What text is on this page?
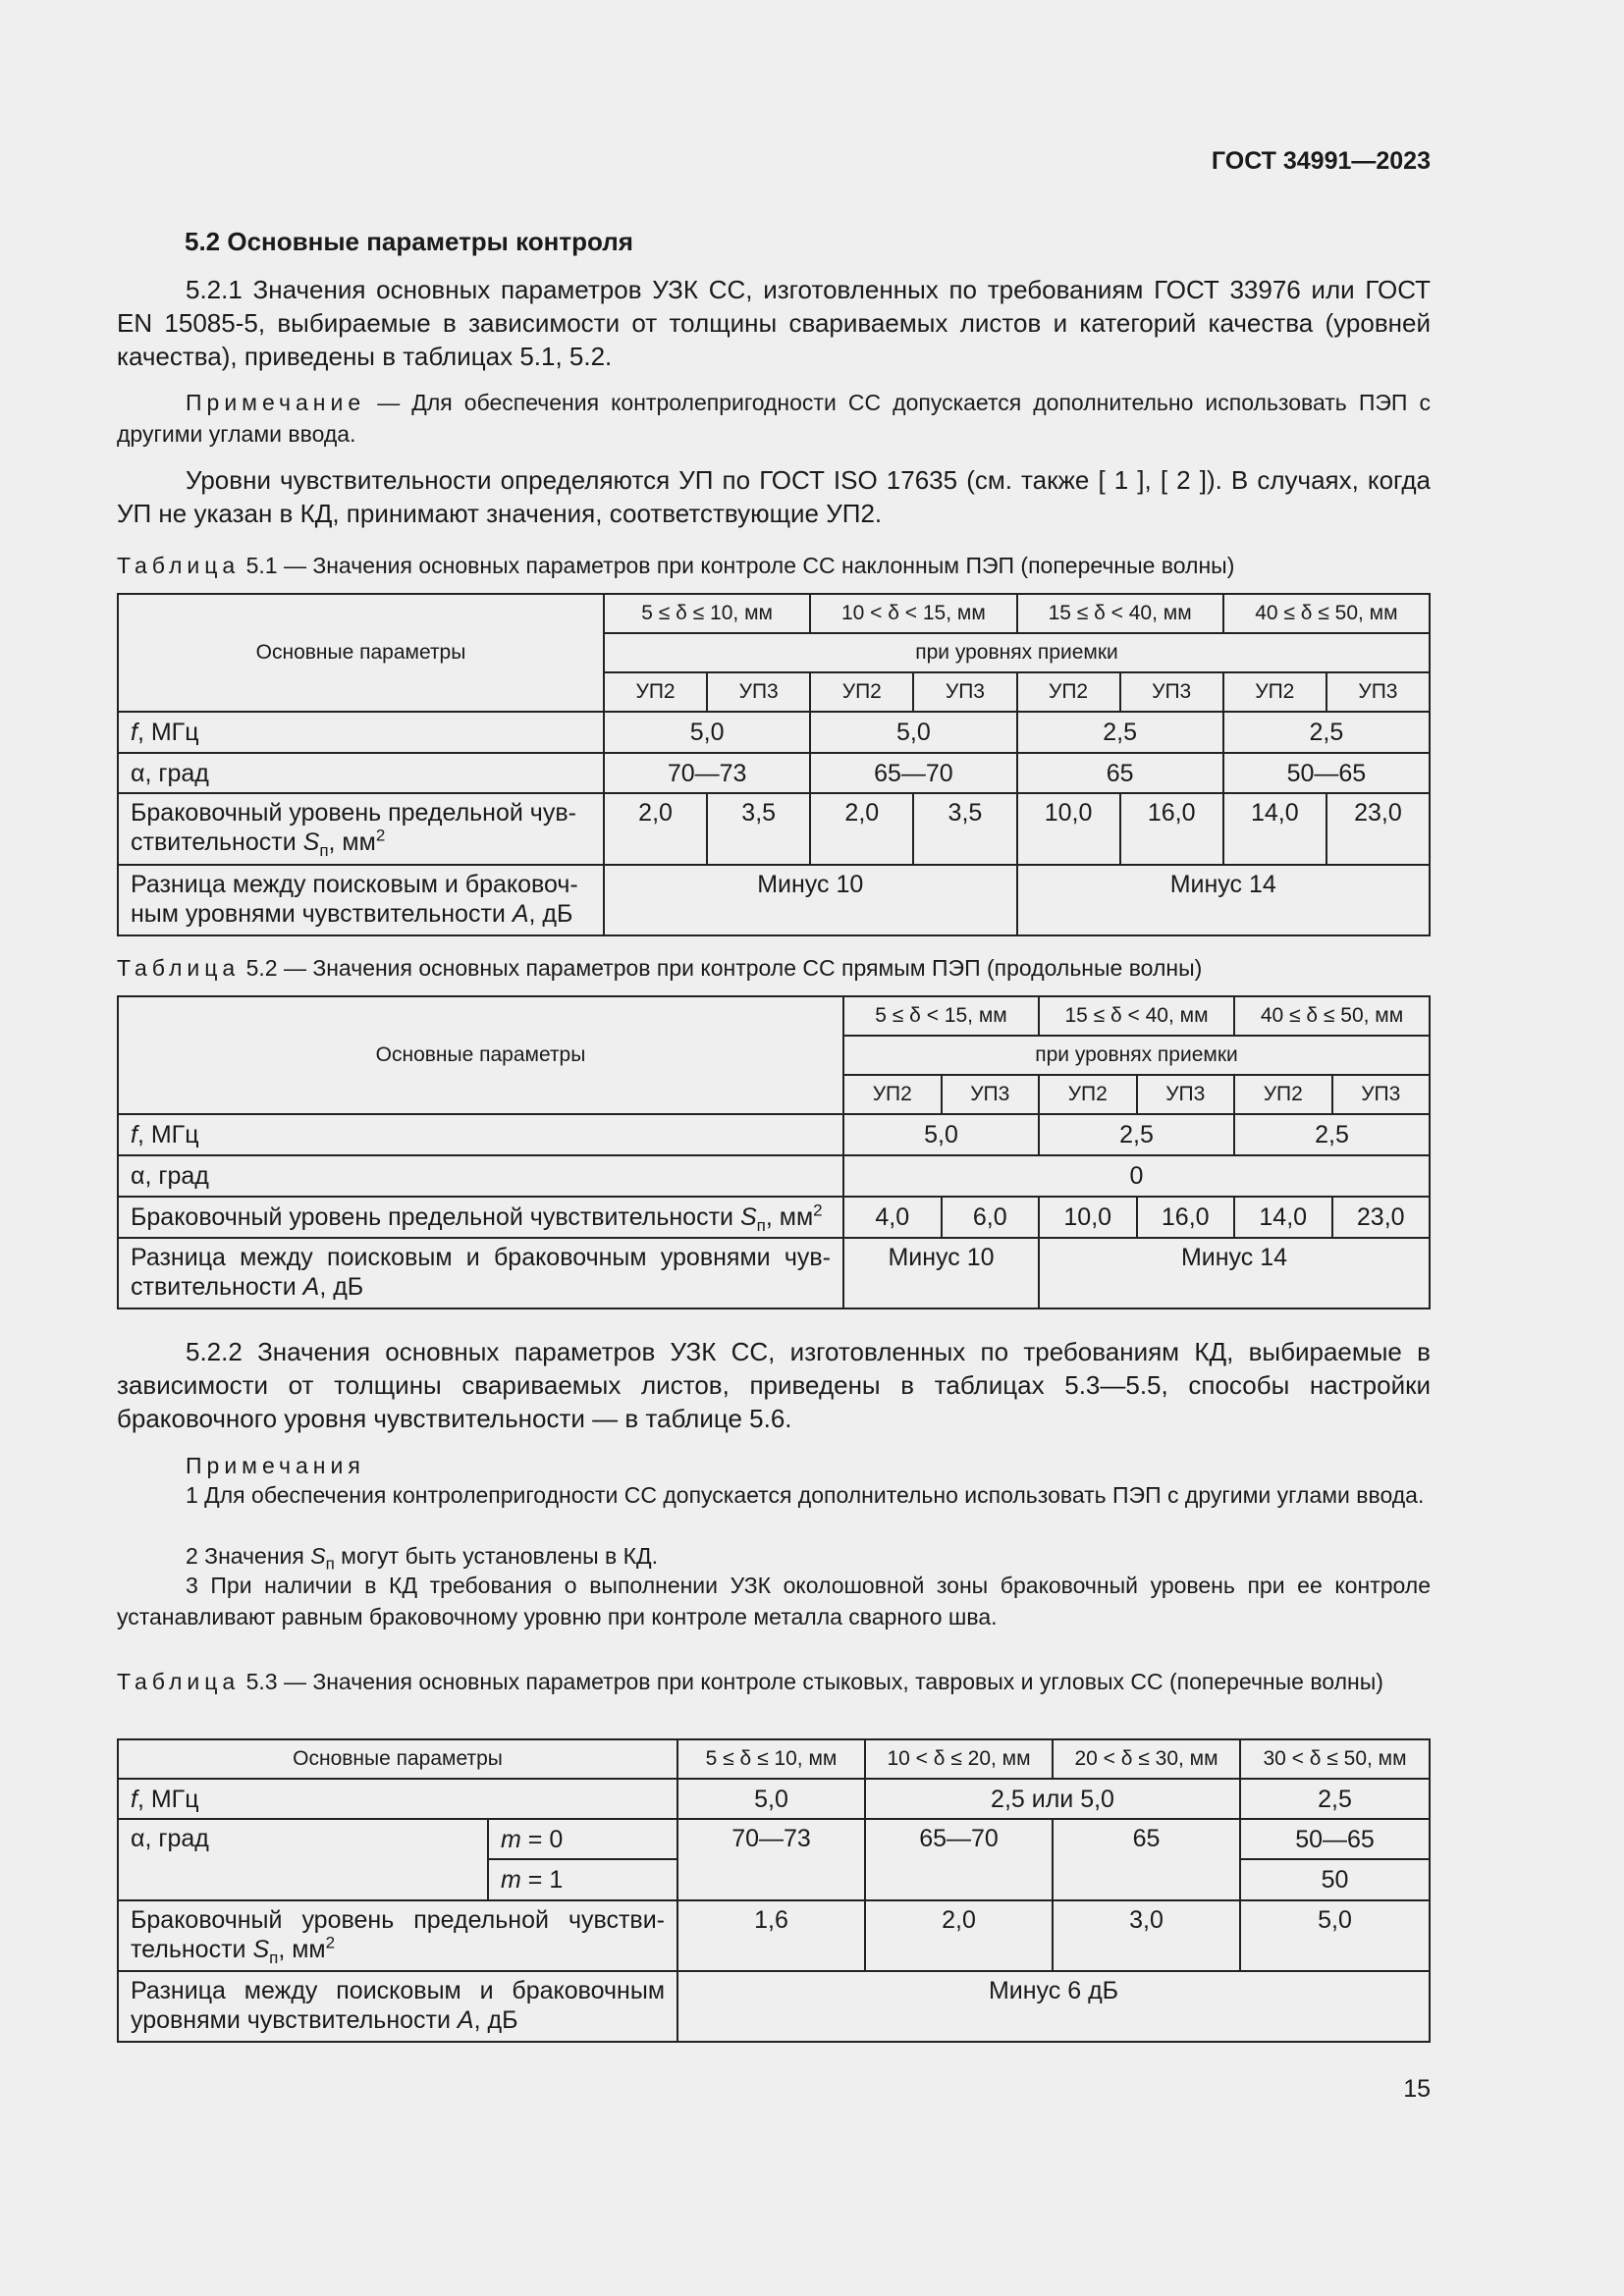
ГОСТ 34991—2023
5.2 Основные параметры контроля
5.2.1 Значения основных параметров УЗК СС, изготовленных по требованиям ГОСТ 33976 или ГОСТ EN 15085-5, выбираемые в зависимости от толщины свариваемых листов и категорий качества (уровней качества), приведены в таблицах 5.1, 5.2.
Примечание — Для обеспечения контролепригодности СС допускается дополнительно использовать ПЭП с другими углами ввода.
Уровни чувствительности определяются УП по ГОСТ ISO 17635 (см. также [ 1 ], [ 2 ]). В случаях, когда УП не указан в КД, принимают значения, соответствующие УП2.
Таблица 5.1 — Значения основных параметров при контроле СС наклонным ПЭП (поперечные волны)
Основные параметры	5 ≤ δ ≤ 10, мм		10 < δ < 15, мм		15 ≤ δ < 40, мм		40 ≤ δ ≤ 50, мм	
	при уровнях приемки							
	УП2	УП3	УП2	УП3	УП2	УП3	УП2	УП3
f, МГц	5,0		5,0		2,5		2,5	
α, град	70—73		65—70		65		50—65	
Браковочный уровень предельной чув-
ствительности $S_п$, $мм^2$	2,0	3,5	2,0	3,5	10,0	16,0	14,0	23,0
Разница между поисковым и браковоч-
ным уровнями чувствительности A, дБ	Минус 10				Минус 14			
Таблица 5.2 — Значения основных параметров при контроле СС прямым ПЭП (продольные волны)
Основные параметры	5 ≤ δ < 15, мм		15 ≤ δ < 40, мм		40 ≤ δ ≤ 50, мм	
	при уровнях приемки					
	УП2	УП3	УП2	УП3	УП2	УП3
f, МГц	5,0		2,5		2,5	
α, град	0					
Браковочный уровень предельной чувствительности $S_п$, $мм^2$	4,0	6,0	10,0	16,0	14,0	23,0

Разница между поисковым и браковочным уровнями чув-
ствительности A, дБ	Минус 10		Минус 14			
5.2.2 Значения основных параметров УЗК СС, изготовленных по требованиям КД, выбираемые в зависимости от толщины свариваемых листов, приведены в таблицах 5.3—5.5, способы настройки браковочного уровня чувствительности — в таблице 5.6.
Примечания
1 Для обеспечения контролепригодности СС допускается дополнительно использовать ПЭП с другими углами ввода.
2 Значения $S_п$ могут быть установлены в КД.
3 При наличии в КД требования о выполнении УЗК околошовной зоны браковочный уровень при ее контроле устанавливают равным браковочному уровню при контроле металла сварного шва.
Таблица 5.3 — Значения основных параметров при контроле стыковых, тавровых и угловых СС (поперечные волны)
Основные параметры		5 ≤ δ ≤ 10, мм	10 < δ ≤ 20, мм	20 < δ ≤ 30, мм	30 < δ ≤ 50, мм
f, МГц		5,0	2,5 или 5,0		2,5
α, град	m = 0	70—73	65—70	65	50—65
	m = 1				50

Браковочный уровень предельной чувстви-
тельности $S_п$, $мм^2$		1,6	2,0	3,0	5,0

Разница между поисковым и браковочным
уровнями чувствительности A, дБ		Минус 6 дБ			
15
